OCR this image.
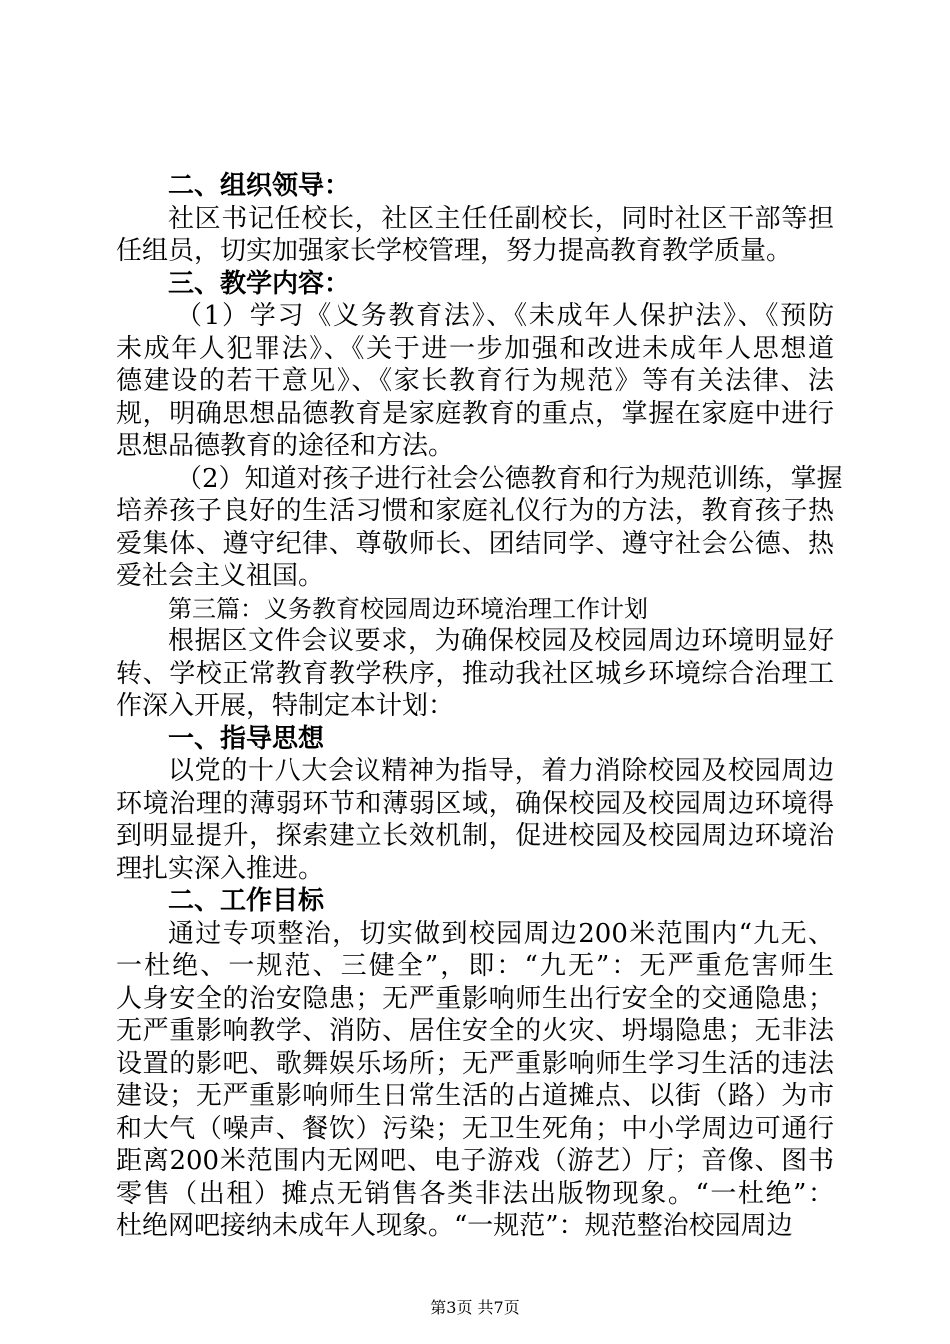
二、组织领导：
社区书记任校长，社区主任任副校长，同时社区干部等担
任组员，切实加强家长学校管理，努力提高教育教学质量。
三、教学内容：
（1）学习《义务教育法》、《未成年人保护法》、《预防
未成年人犯罪法》、《关于进一步加强和改进未成年人思想道
德建设的若干意见》、《家长教育行为规范》等有关法律、法
规，明确思想品德教育是家庭教育的重点，掌握在家庭中进行
思想品德教育的途径和方法。
（2）知道对孩子进行社会公德教育和行为规范训练，掌握
培养孩子良好的生活习惯和家庭礼仪行为的方法，教育孩子热
爱集体、遵守纪律、尊敬师长、团结同学、遵守社会公德、热
爱社会主义祖国。
第三篇：义务教育校园周边环境治理工作计划
根据区文件会议要求，为确保校园及校园周边环境明显好
转、学校正常教育教学秩序，推动我社区城乡环境综合治理工
作深入开展，特制定本计划：
一、指导思想
以党的十八大会议精神为指导，着力消除校园及校园周边
环境治理的薄弱环节和薄弱区域，确保校园及校园周边环境得
到明显提升，探索建立长效机制，促进校园及校园周边环境治
理扎实深入推进。
二、工作目标
通过专项整治，切实做到校园周边200米范围内“九无、
一杜绝、一规范、三健全”，即：“九无”：无严重危害师生
人身安全的治安隐患；无严重影响师生出行安全的交通隐患；
无严重影响教学、消防、居住安全的火灾、坍塌隐患；无非法
设置的影吧、歌舞娱乐场所；无严重影响师生学习生活的违法
建设；无严重影响师生日常生活的占道摊点、以街（路）为市
和大气（噪声、餐饮）污染；无卫生死角；中小学周边可通行
距离200米范围内无网吧、电子游戏（游艺）厅；音像、图书
零售（出租）摊点无销售各类非法出版物现象。“一杜绝”：
杜绝网吧接纳未成年人现象。“一规范”：规范整治校园周边
第3页 共7页
